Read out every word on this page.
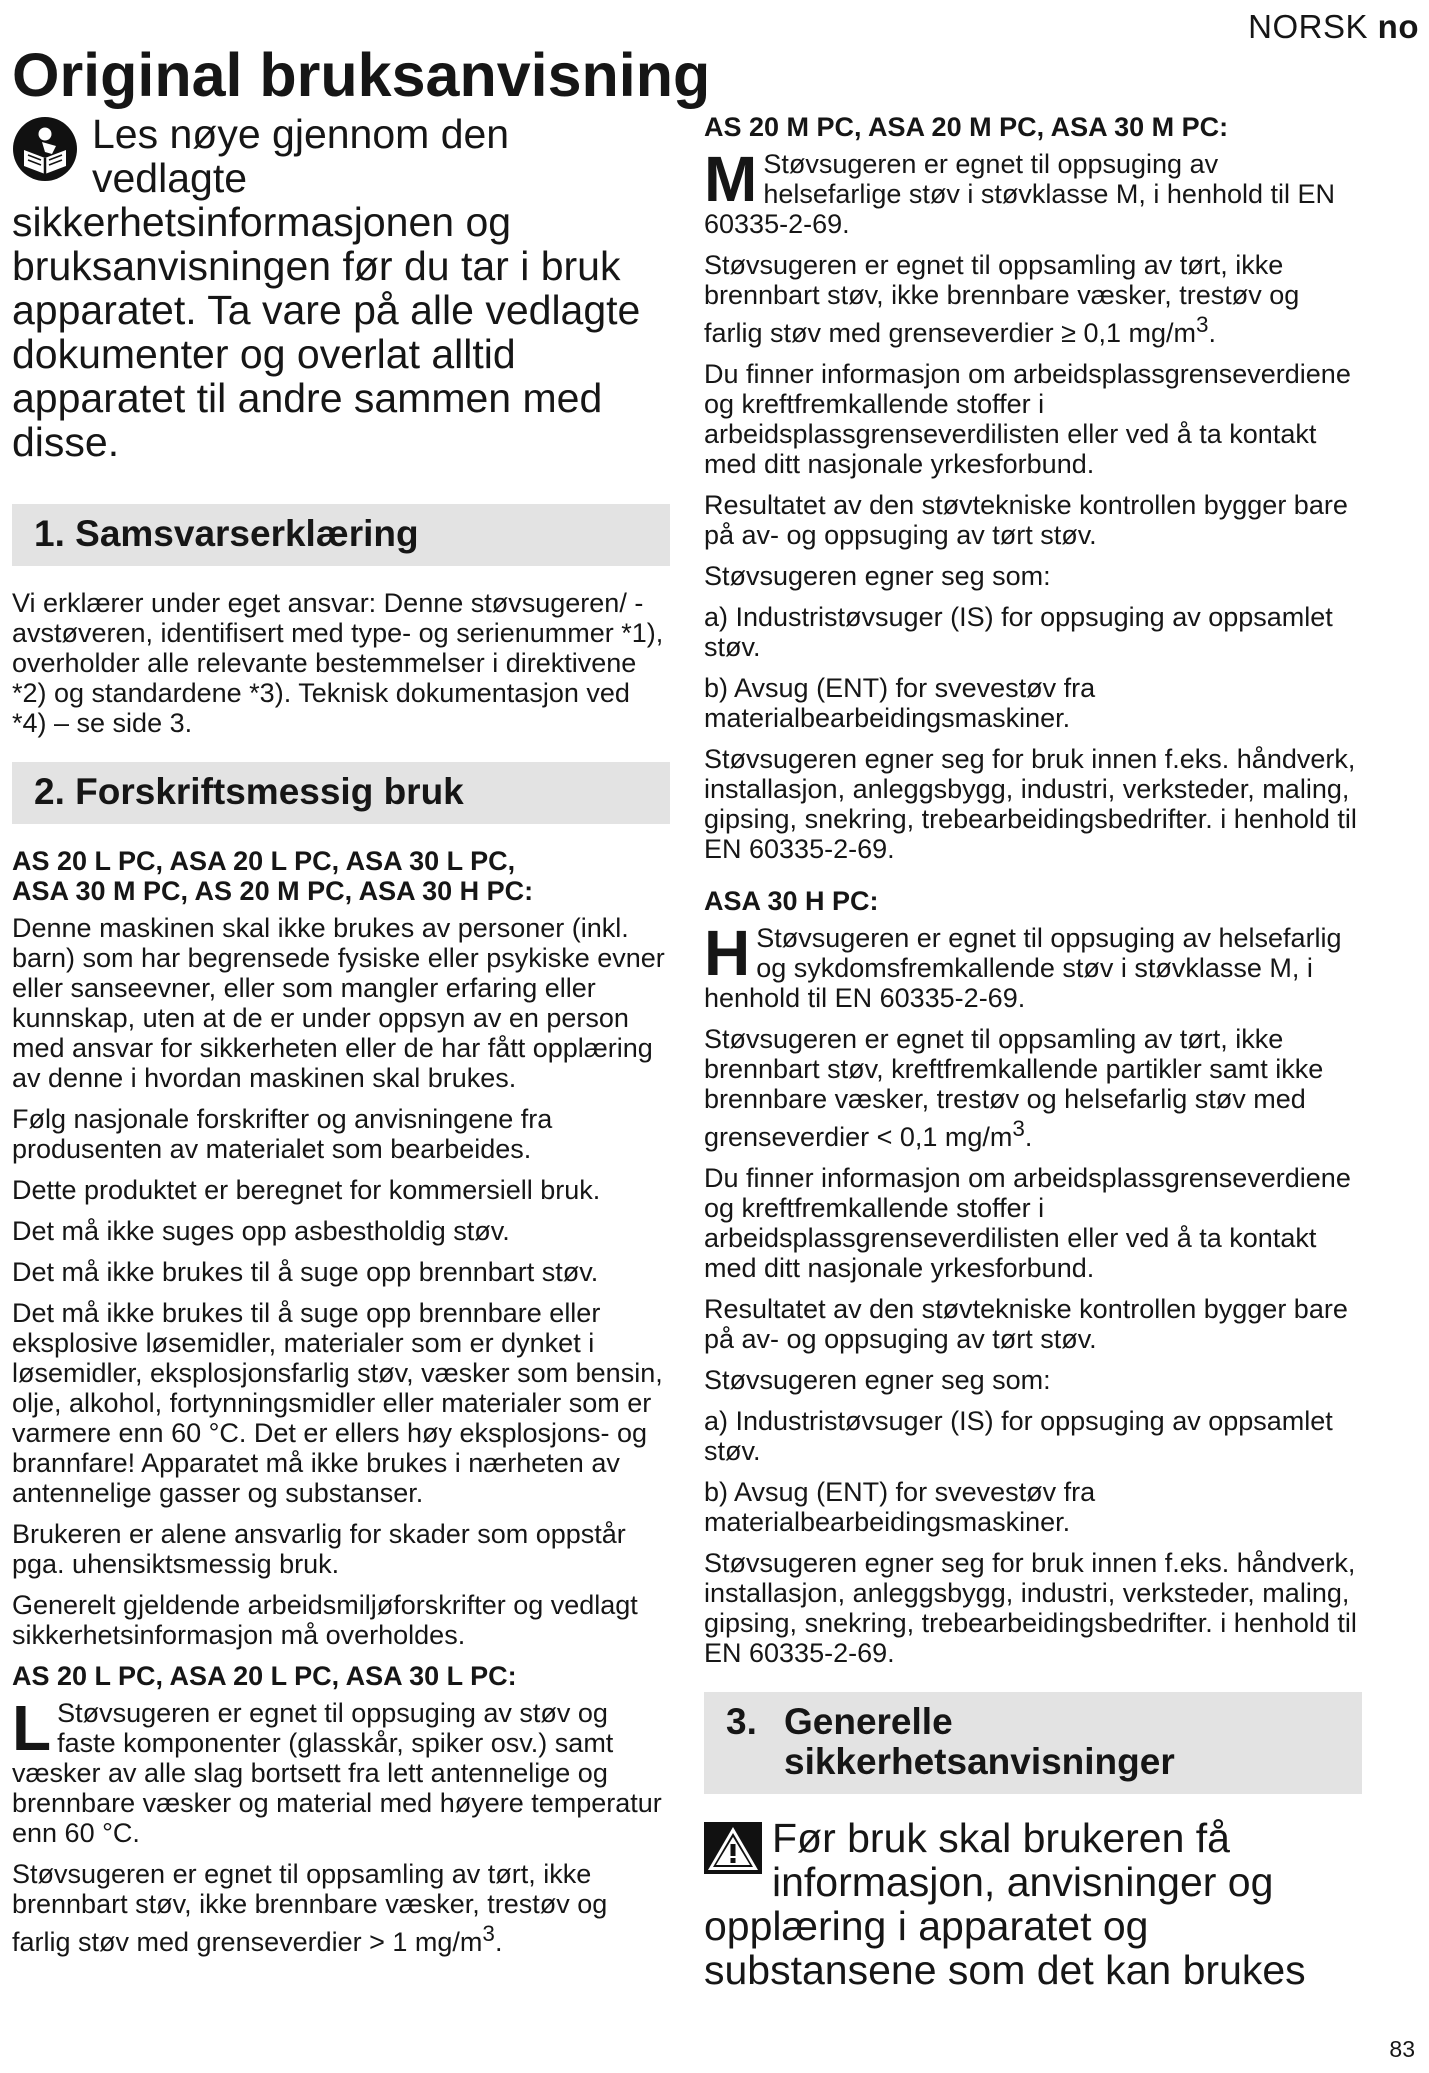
NORSK no
Original bruksanvisning

Les nøye gjennom den vedlagte sikkerhetsinformasjonen og bruksanvisningen før du tar i bruk apparatet. Ta vare på alle vedlagte dokumenter og overlat alltid apparatet til andre sammen med disse.

1. Samsvarserklæring

Vi erklærer under eget ansvar: Denne støvsugeren/ -avstøveren, identifisert med type- og serienummer *1), overholder alle relevante bestemmelser i direktivene *2) og standardene *3). Teknisk dokumentasjon ved *4) – se side 3.

2. Forskriftsmessig bruk
AS 20 L PC, ASA 20 L PC, ASA 30 L PC,
ASA 30 M PC, AS 20 M PC, ASA 30 H PC:

Denne maskinen skal ikke brukes av personer (inkl. barn) som har begrensede fysiske eller psykiske evner eller sanseevner, eller som mangler erfaring eller kunnskap, uten at de er under oppsyn av en person med ansvar for sikkerheten eller de har fått opplæring av denne i hvordan maskinen skal brukes.

Følg nasjonale forskrifter og anvisningene fra produsenten av materialet som bearbeides.

Dette produktet er beregnet for kommersiell bruk.

Det må ikke suges opp asbestholdig støv.

Det må ikke brukes til å suge opp brennbart støv.

Det må ikke brukes til å suge opp brennbare eller eksplosive løsemidler, materialer som er dynket i løsemidler, eksplosjonsfarlig støv, væsker som bensin, olje, alkohol, fortynningsmidler eller materialer som er varmere enn 60 °C. Det er ellers høy eksplosjons- og brannfare! Apparatet må ikke brukes i nærheten av antennelige gasser og substanser.

Brukeren er alene ansvarlig for skader som oppstår pga. uhensiktsmessig bruk.

Generelt gjeldende arbeidsmiljøforskrifter og vedlagt sikkerhetsinformasjon må overholdes.

AS 20 L PC, ASA 20 L PC, ASA 30 L PC:

L Støvsugeren er egnet til oppsuging av støv og faste komponenter (glasskår, spiker osv.) samt væsker av alle slag bortsett fra lett antennelige og brennbare væsker og material med høyere temperatur enn 60 °C.

Støvsugeren er egnet til oppsamling av tørt, ikke brennbart støv, ikke brennbare væsker, trestøv og farlig støv med grenseverdier > 1 $mg/m^3$.

AS 20 M PC, ASA 20 M PC, ASA 30 M PC:

M Støvsugeren er egnet til oppsuging av helsefarlige støv i støvklasse M, i henhold til EN 60335-2-69.

Støvsugeren er egnet til oppsamling av tørt, ikke brennbart støv, ikke brennbare væsker, trestøv og farlig støv med grenseverdier ≥ 0,1 $mg/m^3$.

Du finner informasjon om arbeidsplassgrenseverdiene og kreftfremkallende stoffer i arbeidsplassgrenseverdilisten eller ved å ta kontakt med ditt nasjonale yrkesforbund.

Resultatet av den støvtekniske kontrollen bygger bare på av- og oppsuging av tørt støv.

Støvsugeren egner seg som:

a) Industristøvsuger (IS) for oppsuging av oppsamlet støv.

b) Avsug (ENT) for svevestøv fra materialbearbeidingsmaskiner.

Støvsugeren egner seg for bruk innen f.eks. håndverk, installasjon, anleggsbygg, industri, verksteder, maling, gipsing, snekring, trebearbeidingsbedrifter. i henhold til EN 60335-2-69.

ASA 30 H PC:

H Støvsugeren er egnet til oppsuging av helsefarlig og sykdomsfremkallende støv i støvklasse M, i henhold til EN 60335-2-69.

Støvsugeren er egnet til oppsamling av tørt, ikke brennbart støv, kreftfremkallende partikler samt ikke brennbare væsker, trestøv og helsefarlig støv med grenseverdier < 0,1 $mg/m^3$.

Du finner informasjon om arbeidsplassgrenseverdiene og kreftfremkallende stoffer i arbeidsplassgrenseverdilisten eller ved å ta kontakt med ditt nasjonale yrkesforbund.

Resultatet av den støvtekniske kontrollen bygger bare på av- og oppsuging av tørt støv.

Støvsugeren egner seg som:

a) Industristøvsuger (IS) for oppsuging av oppsamlet støv.

b) Avsug (ENT) for svevestøv fra materialbearbeidingsmaskiner.

Støvsugeren egner seg for bruk innen f.eks. håndverk, installasjon, anleggsbygg, industri, verksteder, maling, gipsing, snekring, trebearbeidingsbedrifter. i henhold til EN 60335-2-69.

3. Generelle
sikkerhetsanvisninger

Før bruk skal brukeren få informasjon, anvisninger og opplæring i apparatet og substansene som det kan brukes

83
